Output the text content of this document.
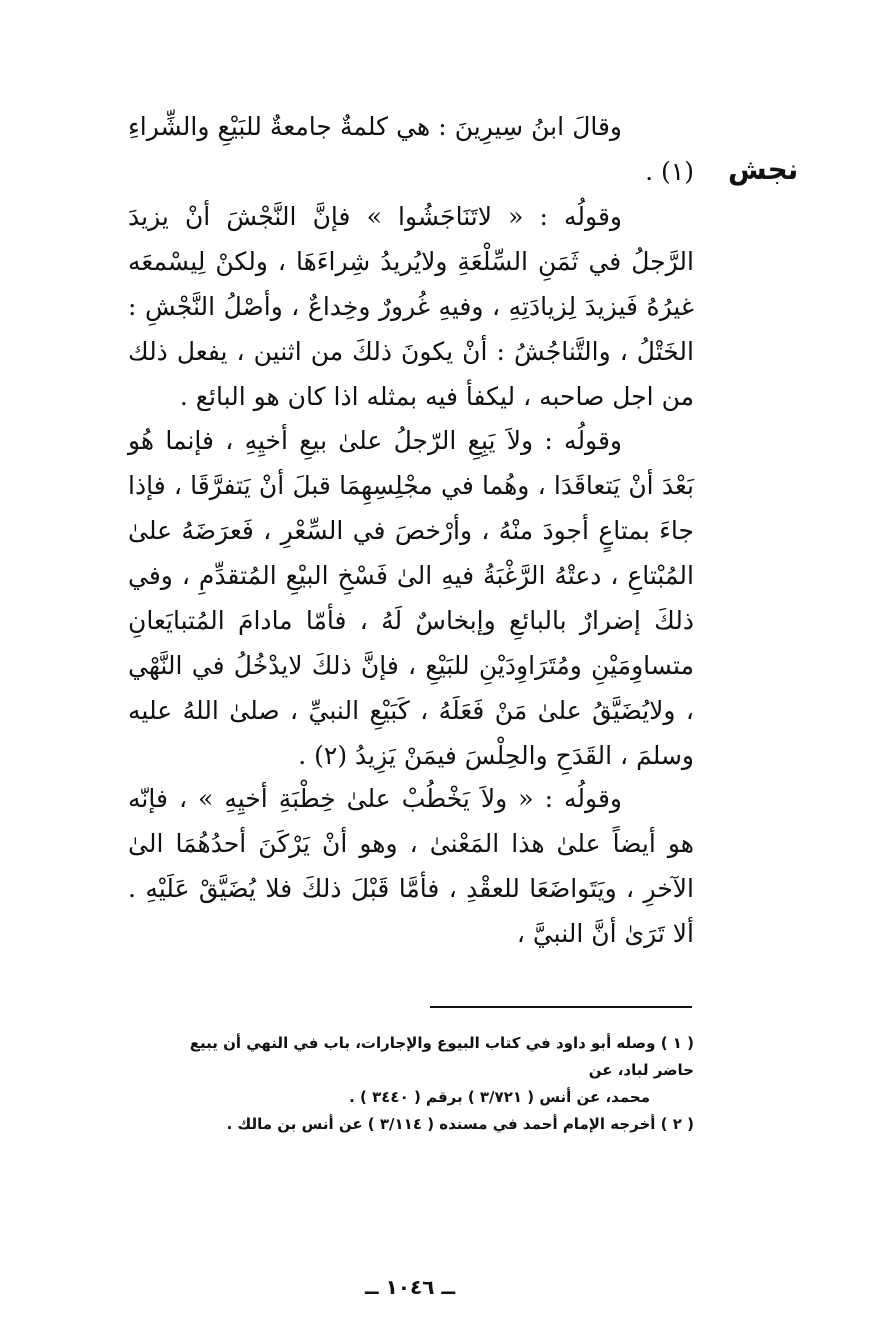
نجش

وقالَ ابنُ سِيرِينَ : هي كلمةٌ جامعةٌ للبَيْعِ والشِّراءِ (١) .

وقولُه : « لاتَنَاجَشُوا » فإنَّ النَّجْشَ أنْ يزيدَ الرَّجلُ في ثَمَنِ السِّلْعَةِ ولايُريدُ شِراءَهَا ، ولكنْ لِيسْمعَه غيرُهُ فَيزيدَ لِزيادَتِهِ ، وفيهِ غُرورٌ وخِداعٌ ، وأصْلُ النَّجْشِ : الخَتْلُ ، والتَّناجُشُ : أنْ يكونَ ذلكَ من اثنين ، يفعل ذلك من اجل صاحبه ، ليكفأ فيه بمثله اذا كان هو البائع .

وقولُه : ولاَ يَبِعِ الرّجلُ علىٰ بيعِ أخيِهِ ، فإنما هُو بَعْدَ أنْ يَتعاقَدَا ، وهُما في مجْلِسِهِمَا قبلَ أنْ يَتفرَّقَا ، فإذا جاءَ بمتاعٍ أجودَ منْهُ ، وأرْخصَ في السِّعْرِ ، فَعرَضَهُ علىٰ المُبْتاعِ ، دعتْهُ الرَّغْبَةُ فيهِ الىٰ فَسْخِ البيْعِ المُتقدِّمِ ، وفي ذلكَ إضرارٌ بالبائعِ وإبخاسٌ لَهُ ، فأمّا مادامَ المُتبايَعانِ متساوِمَيْنِ ومُتَرَاوِدَيْنِ للبَيْعِ ، فإنَّ ذلكَ لايدْخُلُ في النَّهْي ، ولايُضَيَّقُ علىٰ مَنْ فَعَلَهُ ، كَبَيْعِ النبيِّ ، صلىٰ اللهُ عليه وسلمَ ، القَدَحِ والحِلْسَ فيمَنْ يَزِيدُ (٢) .

وقولُه : « ولاَ يَخْطُبْ علىٰ خِطْبَةِ أخيِهِ » ، فإنّه هو أيضاً علىٰ هذا المَعْنىٰ ، وهو أنْ يَرْكَنَ أحدُهُمَا الىٰ الآخرِ ، ويَتَواضَعَا للعقْدِ ، فأمَّا قَبْلَ ذلكَ فلا يُضَيَّقْ عَلَيْهِ . ألا تَرَىٰ أنَّ النبيَّ ،

( ١ ) وصله أبو داود في كتاب البيوع والإجارات، باب في النهي أن يبيع حاضر لباد، عن

محمد، عن أنس ( ٣/٧٢١ ) برقم ( ٣٤٤٠ ) .

( ٢ ) أخرجه الإمام أحمد في مسنده ( ٣/١١٤ ) عن أنس بن مالك .

ــ ١٠٤٦ ــ
